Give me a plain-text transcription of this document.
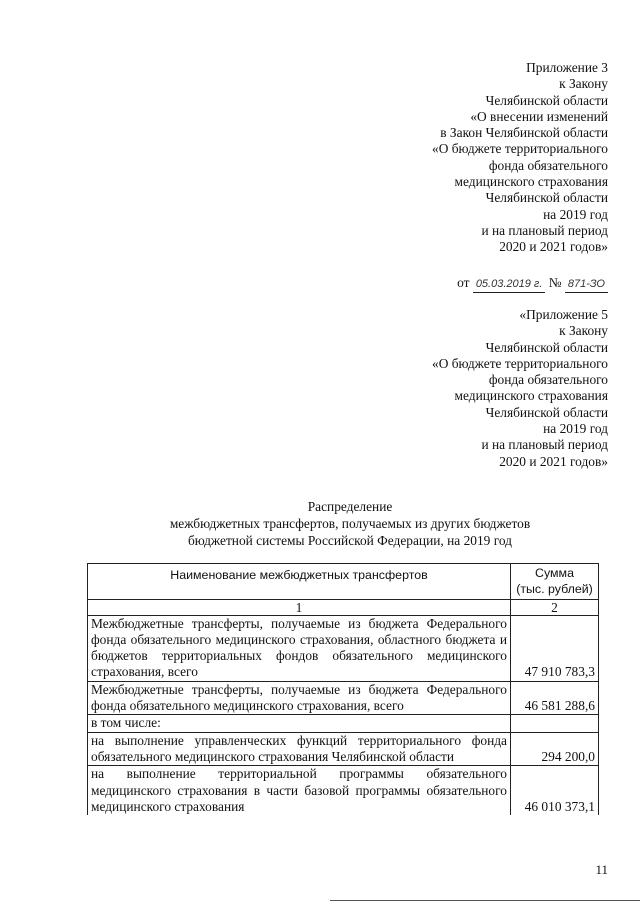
Приложение 3
к Закону
Челябинской области
«О внесении изменений
в Закон Челябинской области
«О бюджете территориального
фонда обязательного
медицинского страхования
Челябинской области
на 2019 год
и на плановый период
2020 и 2021 годов»
от 05.03.2019 г. № 871-ЗО
«Приложение 5
к Закону
Челябинской области
«О бюджете территориального
фонда обязательного
медицинского страхования
Челябинской области
на 2019 год
и на плановый период
2020 и 2021 годов»
Распределение
межбюджетных трансфертов, получаемых из других бюджетов
бюджетной системы Российской Федерации, на 2019 год
Наименование межбюджетных трансфертов	Сумма
(тыс. рублей)

1	2
Межбюджетные трансферты, получаемые из бюджета Федерального фонда обязательного медицинского страхования, областного бюджета и бюджетов территориальных фондов обязательного медицинского страхования, всего	47 910 783,3
Межбюджетные трансферты, получаемые из бюджета Федерального фонда обязательного медицинского страхования, всего	46 581 288,6
в том числе:	
на выполнение управленческих функций территориального фонда обязательного медицинского страхования Челябинской области	294 200,0
на выполнение территориальной программы обязательного медицинского страхования в части базовой программы обязательного медицинского страхования	46 010 373,1
11
